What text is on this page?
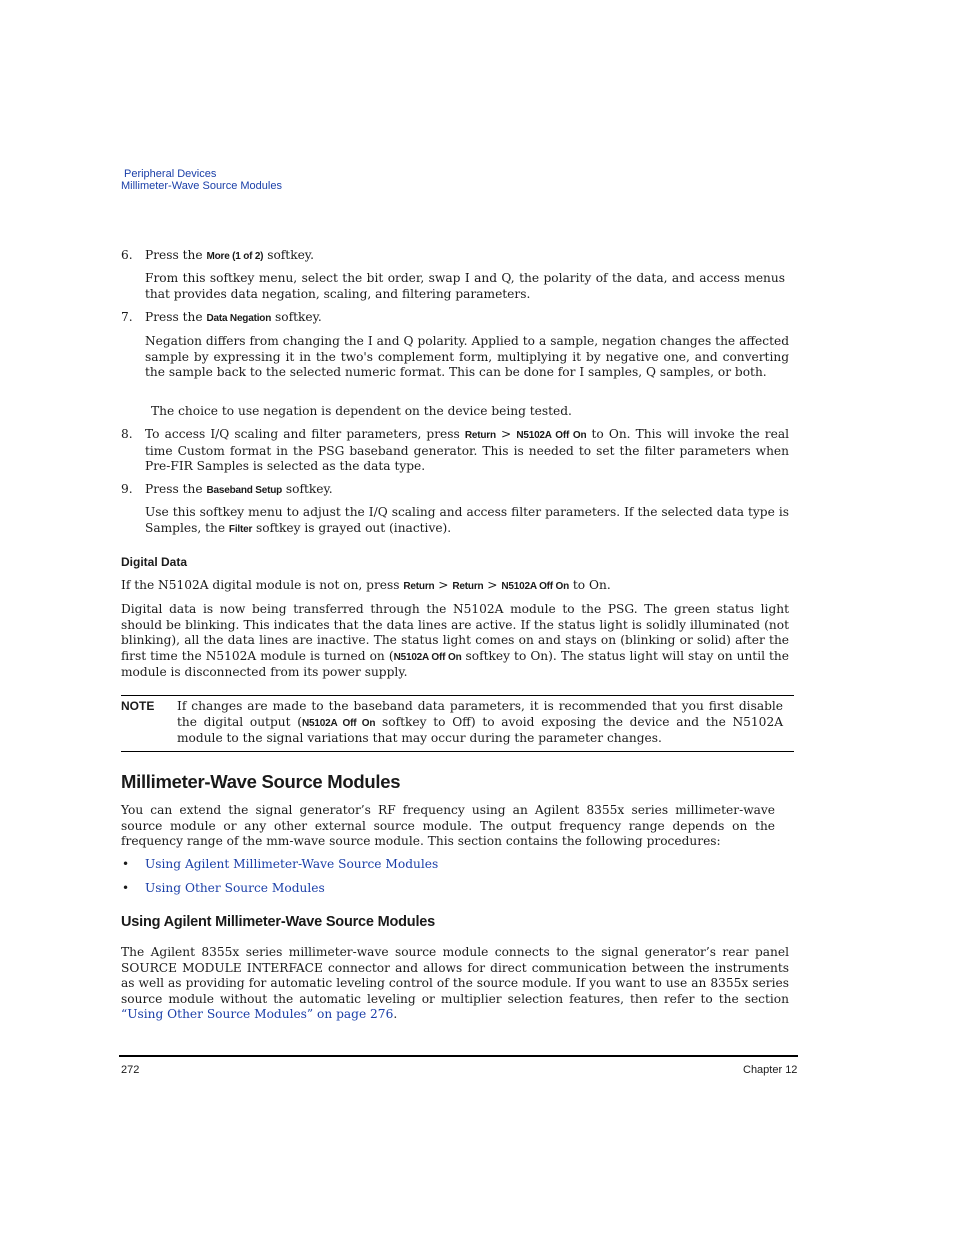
Peripheral Devices
Millimeter-Wave Source Modules
6. Press the More (1 of 2) softkey.
From this softkey menu, select the bit order, swap I and Q, the polarity of the data, and access menus that provides data negation, scaling, and filtering parameters.
7. Press the Data Negation softkey.
Negation differs from changing the I and Q polarity. Applied to a sample, negation changes the affected sample by expressing it in the two's complement form, multiplying it by negative one, and converting the sample back to the selected numeric format. This can be done for I samples, Q samples, or both.
The choice to use negation is dependent on the device being tested.
8. To access I/Q scaling and filter parameters, press Return > N5102A Off On to On. This will invoke the real time Custom format in the PSG baseband generator. This is needed to set the filter parameters when Pre-FIR Samples is selected as the data type.
9. Press the Baseband Setup softkey.
Use this softkey menu to adjust the I/Q scaling and access filter parameters. If the selected data type is Samples, the Filter softkey is grayed out (inactive).
Digital Data
If the N5102A digital module is not on, press Return > Return > N5102A Off On to On.
Digital data is now being transferred through the N5102A module to the PSG. The green status light should be blinking. This indicates that the data lines are active. If the status light is solidly illuminated (not blinking), all the data lines are inactive. The status light comes on and stays on (blinking or solid) after the first time the N5102A module is turned on (N5102A Off On softkey to On). The status light will stay on until the module is disconnected from its power supply.
NOTE If changes are made to the baseband data parameters, it is recommended that you first disable the digital output (N5102A Off On softkey to Off) to avoid exposing the device and the N5102A module to the signal variations that may occur during the parameter changes.
Millimeter-Wave Source Modules
You can extend the signal generator’s RF frequency using an Agilent 8355x series millimeter-wave source module or any other external source module. The output frequency range depends on the frequency range of the mm-wave source module. This section contains the following procedures:
• Using Agilent Millimeter-Wave Source Modules
• Using Other Source Modules
Using Agilent Millimeter-Wave Source Modules
The Agilent 8355x series millimeter-wave source module connects to the signal generator’s rear panel SOURCE MODULE INTERFACE connector and allows for direct communication between the instruments as well as providing for automatic leveling control of the source module. If you want to use an 8355x series source module without the automatic leveling or multiplier selection features, then refer to the section “Using Other Source Modules” on page 276.
272	Chapter 12
